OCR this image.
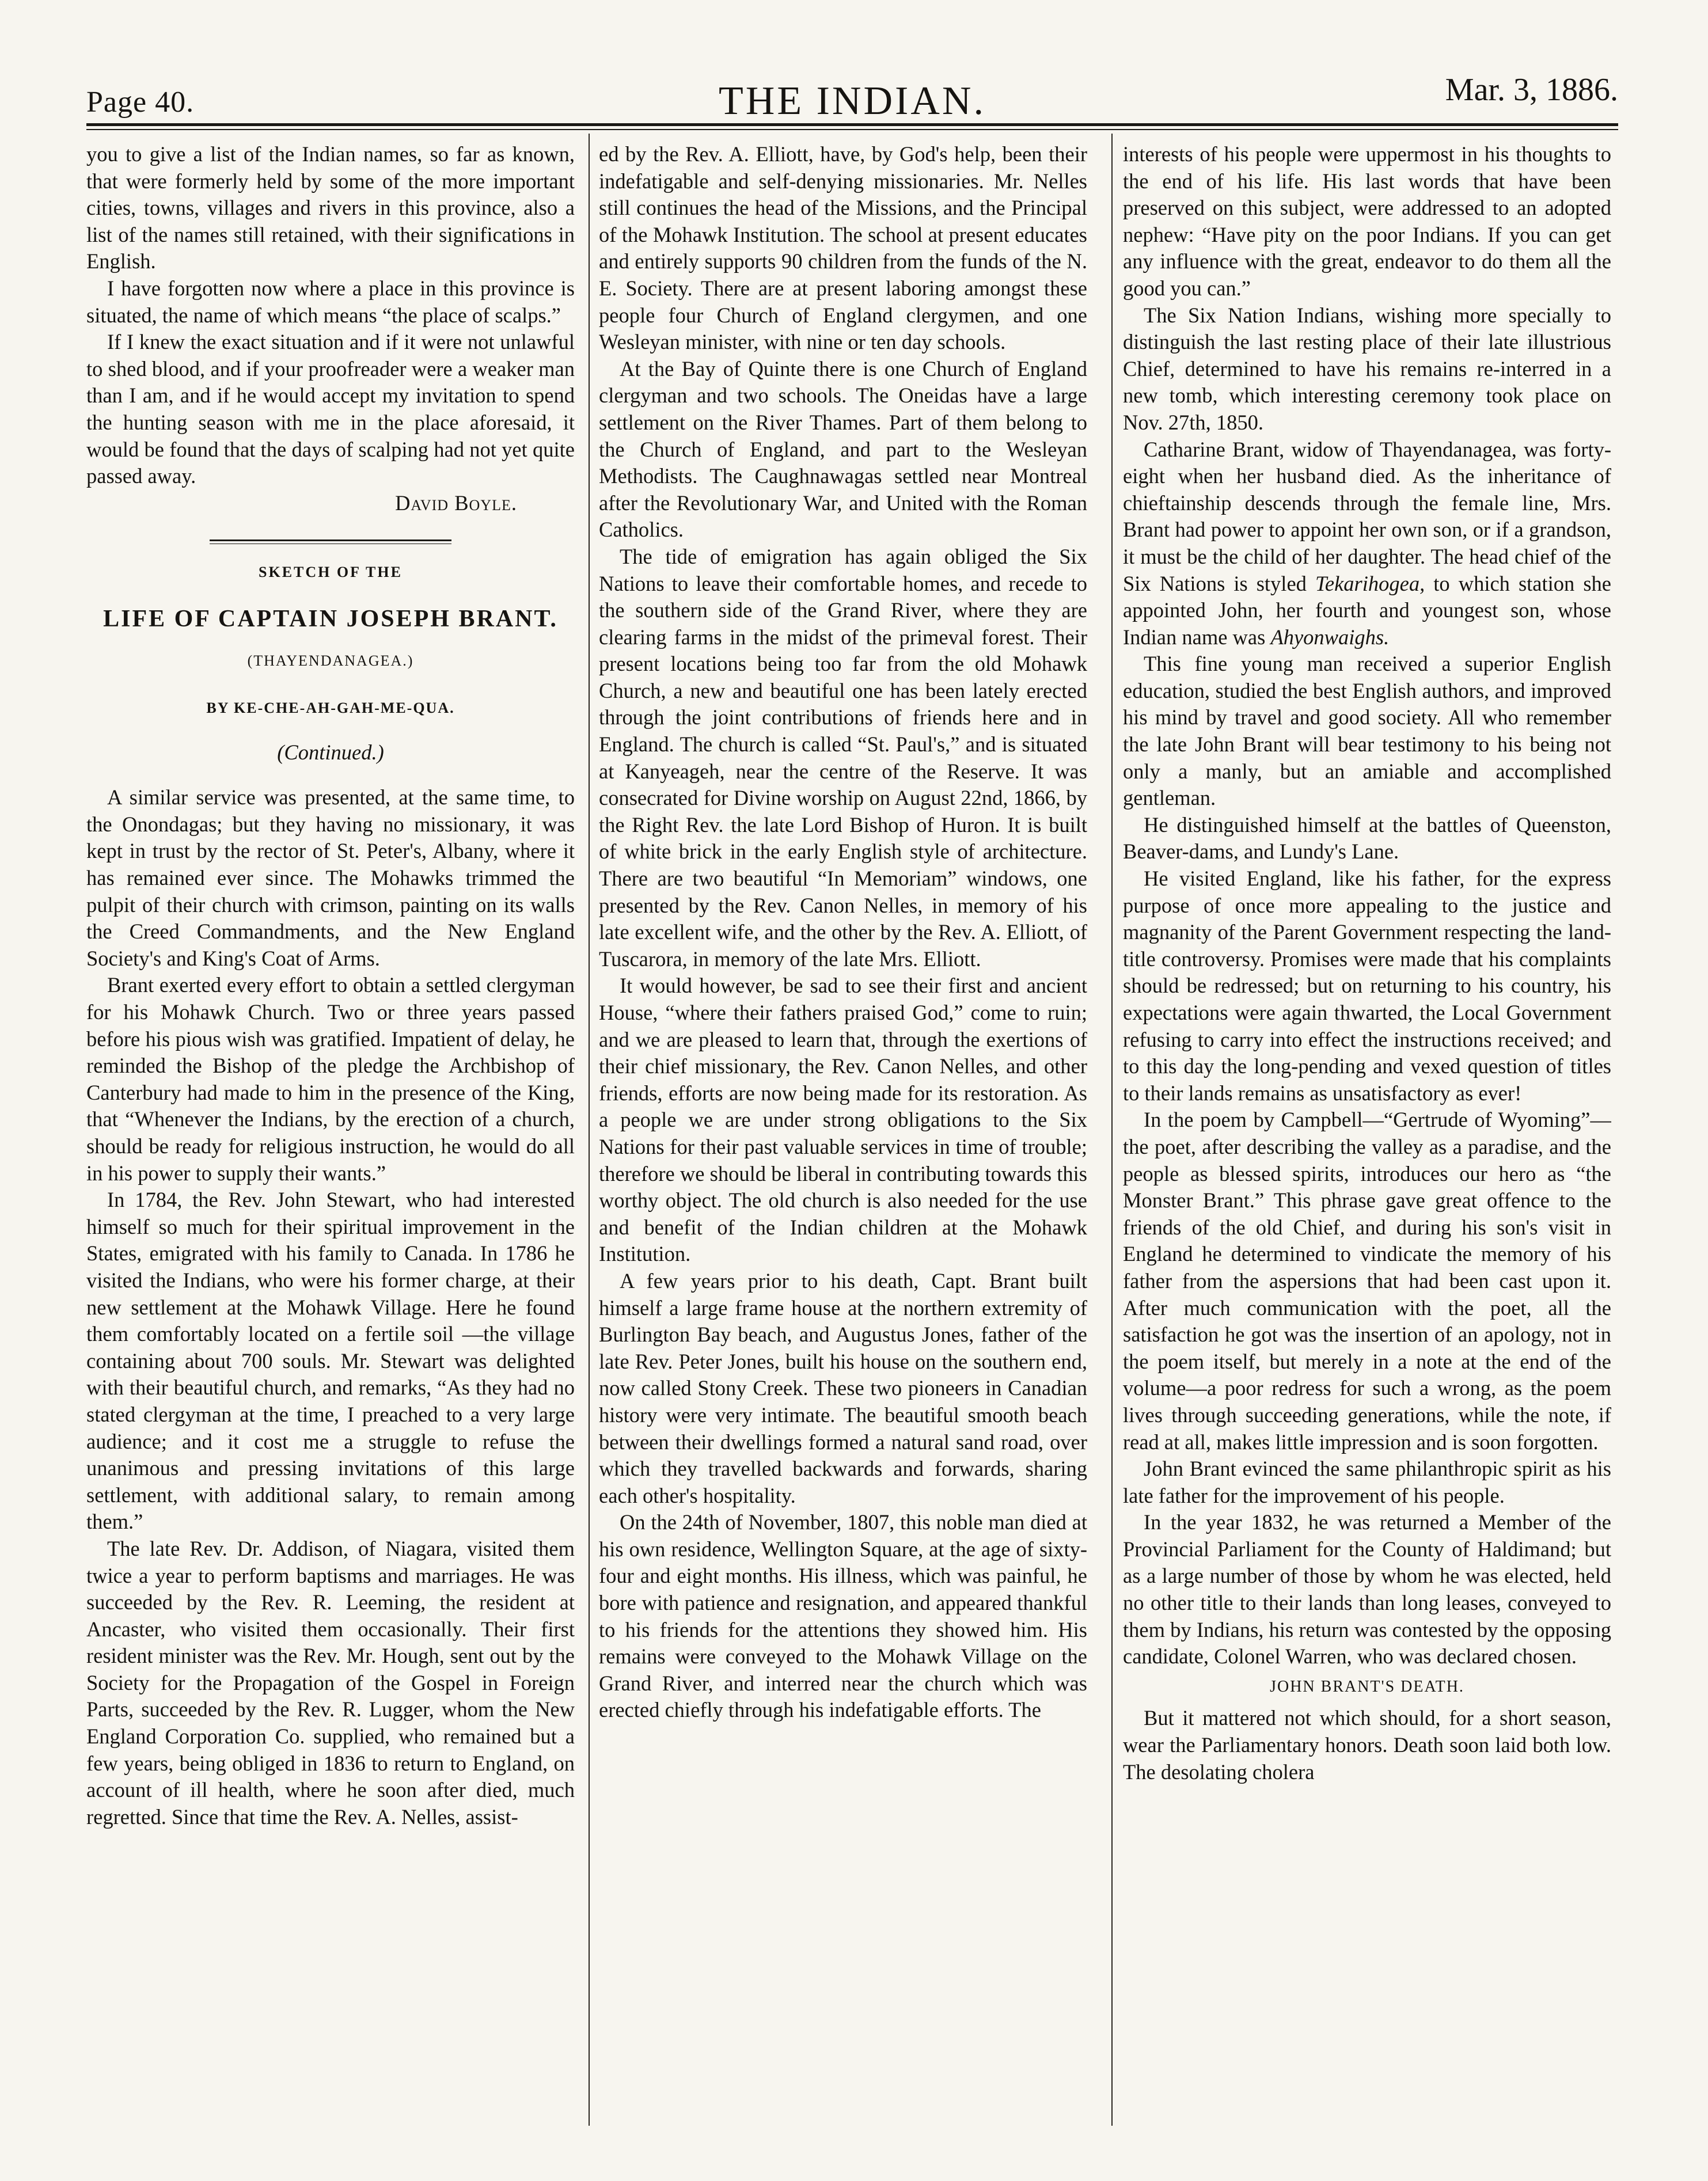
Page 40.	THE INDIAN.	Mar. 3, 1886.

you to give a list of the Indian names, so far as known, that were formerly held by some of the more important cities, towns, villages and rivers in this province, also a list of the names still retained, with their significations in English.

I have forgotten now where a place in this province is situated, the name of which means “the place of scalps.”

If I knew the exact situation and if it were not unlawful to shed blood, and if your proofreader were a weaker man than I am, and if he would accept my invitation to spend the hunting season with me in the place aforesaid, it would be found that the days of scalping had not yet quite passed away.

David Boyle.

SKETCH OF THE
LIFE OF CAPTAIN JOSEPH BRANT.
(THAYENDANAGEA.)
BY KE-CHE-AH-GAH-ME-QUA.
(Continued.)

A similar service was presented, at the same time, to the Onondagas; but they having no missionary, it was kept in trust by the rector of St. Peter's, Albany, where it has remained ever since. The Mohawks trimmed the pulpit of their church with crimson, painting on its walls the Creed Commandments, and the New England Society's and King's Coat of Arms.

Brant exerted every effort to obtain a settled clergyman for his Mohawk Church. Two or three years passed before his pious wish was gratified. Impatient of delay, he reminded the Bishop of the pledge the Archbishop of Canterbury had made to him in the presence of the King, that “Whenever the Indians, by the erection of a church, should be ready for religious instruction, he would do all in his power to supply their wants.”

In 1784, the Rev. John Stewart, who had interested himself so much for their spiritual improvement in the States, emigrated with his family to Canada. In 1786 he visited the Indians, who were his former charge, at their new settlement at the Mohawk Village. Here he found them comfortably located on a fertile soil —the village containing about 700 souls. Mr. Stewart was delighted with their beautiful church, and remarks, “As they had no stated clergyman at the time, I preached to a very large audience; and it cost me a struggle to refuse the unanimous and pressing invitations of this large settlement, with additional salary, to remain among them.”

The late Rev. Dr. Addison, of Niagara, visited them twice a year to perform baptisms and marriages. He was succeeded by the Rev. R. Leeming, the resident at Ancaster, who visited them occasionally. Their first resident minister was the Rev. Mr. Hough, sent out by the Society for the Propagation of the Gospel in Foreign Parts, succeeded by the Rev. R. Lugger, whom the New England Corporation Co. supplied, who remained but a few years, being obliged in 1836 to return to England, on account of ill health, where he soon after died, much regretted. Since that time the Rev. A. Nelles, assist-

ed by the Rev. A. Elliott, have, by God's help, been their indefatigable and self-denying missionaries. Mr. Nelles still continues the head of the Missions, and the Principal of the Mohawk Institution. The school at present educates and entirely supports 90 children from the funds of the N. E. Society. There are at present laboring amongst these people four Church of England clergymen, and one Wesleyan minister, with nine or ten day schools.

At the Bay of Quinte there is one Church of England clergyman and two schools. The Oneidas have a large settlement on the River Thames. Part of them belong to the Church of England, and part to the Wesleyan Methodists. The Caughnawagas settled near Montreal after the Revolutionary War, and United with the Roman Catholics.

The tide of emigration has again obliged the Six Nations to leave their comfortable homes, and recede to the southern side of the Grand River, where they are clearing farms in the midst of the primeval forest. Their present locations being too far from the old Mohawk Church, a new and beautiful one has been lately erected through the joint contributions of friends here and in England. The church is called “St. Paul's,” and is situated at Kanyeageh, near the centre of the Reserve. It was consecrated for Divine worship on August 22nd, 1866, by the Right Rev. the late Lord Bishop of Huron. It is built of white brick in the early English style of architecture. There are two beautiful “In Memoriam” windows, one presented by the Rev. Canon Nelles, in memory of his late excellent wife, and the other by the Rev. A. Elliott, of Tuscarora, in memory of the late Mrs. Elliott.

It would however, be sad to see their first and ancient House, “where their fathers praised God,” come to ruin; and we are pleased to learn that, through the exertions of their chief missionary, the Rev. Canon Nelles, and other friends, efforts are now being made for its restoration. As a people we are under strong obligations to the Six Nations for their past valuable services in time of trouble; therefore we should be liberal in contributing towards this worthy object. The old church is also needed for the use and benefit of the Indian children at the Mohawk Institution.

A few years prior to his death, Capt. Brant built himself a large frame house at the northern extremity of Burlington Bay beach, and Augustus Jones, father of the late Rev. Peter Jones, built his house on the southern end, now called Stony Creek. These two pioneers in Canadian history were very intimate. The beautiful smooth beach between their dwellings formed a natural sand road, over which they travelled backwards and forwards, sharing each other's hospitality.

On the 24th of November, 1807, this noble man died at his own residence, Wellington Square, at the age of sixty-four and eight months. His illness, which was painful, he bore with patience and resignation, and appeared thankful to his friends for the attentions they showed him. His remains were conveyed to the Mohawk Village on the Grand River, and interred near the church which was erected chiefly through his indefatigable efforts. The

interests of his people were uppermost in his thoughts to the end of his life. His last words that have been preserved on this subject, were addressed to an adopted nephew: “Have pity on the poor Indians. If you can get any influence with the great, endeavor to do them all the good you can.”

The Six Nation Indians, wishing more specially to distinguish the last resting place of their late illustrious Chief, determined to have his remains re-interred in a new tomb, which interesting ceremony took place on Nov. 27th, 1850.

Catharine Brant, widow of Thayendanagea, was forty-eight when her husband died. As the inheritance of chieftainship descends through the female line, Mrs. Brant had power to appoint her own son, or if a grandson, it must be the child of her daughter. The head chief of the Six Nations is styled Tekarihogea, to which station she appointed John, her fourth and youngest son, whose Indian name was Ahyonwaighs.

This fine young man received a superior English education, studied the best English authors, and improved his mind by travel and good society. All who remember the late John Brant will bear testimony to his being not only a manly, but an amiable and accomplished gentleman.

He distinguished himself at the battles of Queenston, Beaver-dams, and Lundy's Lane.

He visited England, like his father, for the express purpose of once more appealing to the justice and magnanity of the Parent Government respecting the land-title controversy. Promises were made that his complaints should be redressed; but on returning to his country, his expectations were again thwarted, the Local Government refusing to carry into effect the instructions received; and to this day the long-pending and vexed question of titles to their lands remains as unsatisfactory as ever!

In the poem by Campbell—“Gertrude of Wyoming”—the poet, after describing the valley as a paradise, and the people as blessed spirits, introduces our hero as “the Monster Brant.” This phrase gave great offence to the friends of the old Chief, and during his son's visit in England he determined to vindicate the memory of his father from the aspersions that had been cast upon it. After much communication with the poet, all the satisfaction he got was the insertion of an apology, not in the poem itself, but merely in a note at the end of the volume—a poor redress for such a wrong, as the poem lives through succeeding generations, while the note, if read at all, makes little impression and is soon forgotten.

John Brant evinced the same philanthropic spirit as his late father for the improvement of his people.

In the year 1832, he was returned a Member of the Provincial Parliament for the County of Haldimand; but as a large number of those by whom he was elected, held no other title to their lands than long leases, conveyed to them by Indians, his return was contested by the opposing candidate, Colonel Warren, who was declared chosen.

JOHN BRANT'S DEATH.

But it mattered not which should, for a short season, wear the Parliamentary honors. Death soon laid both low. The desolating cholera
